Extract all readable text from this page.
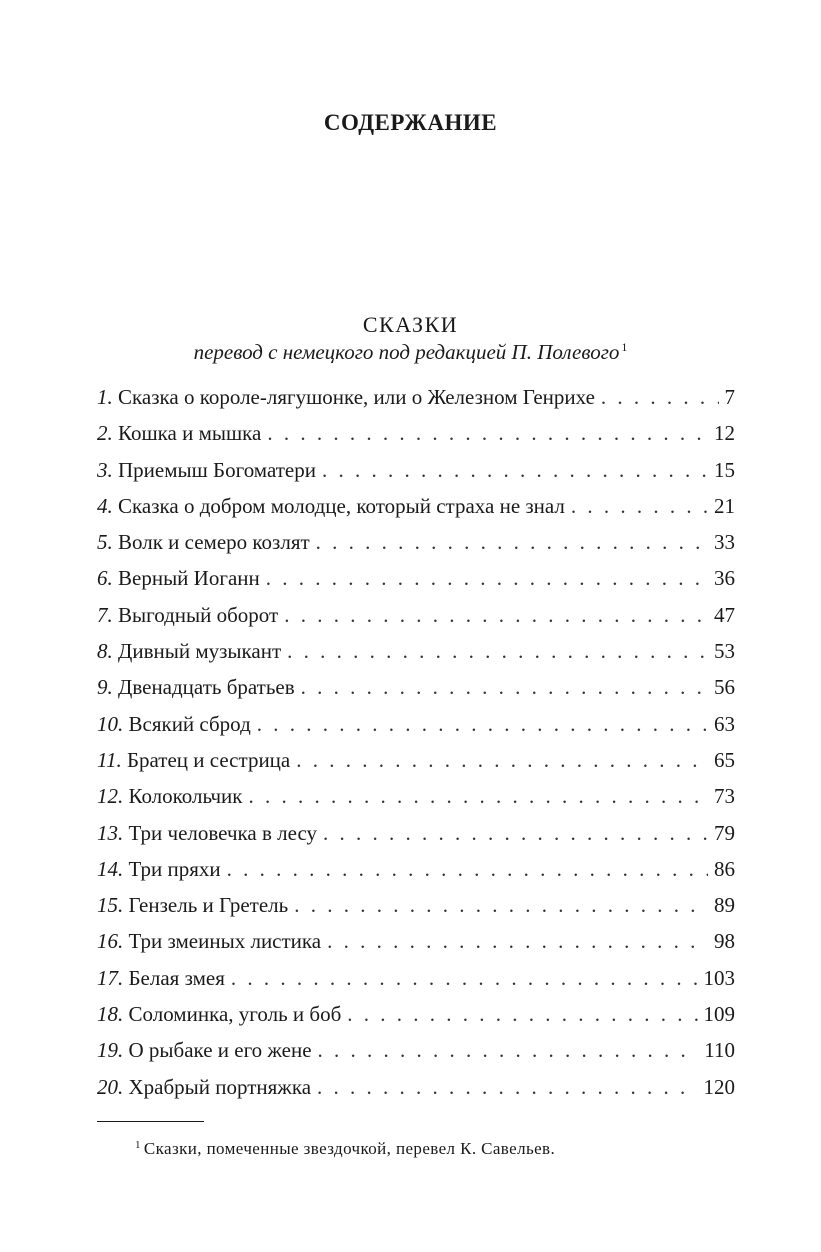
СОДЕРЖАНИЕ
СКАЗКИ
перевод с немецкого под редакцией П. Полевого $^1$
1. Сказка о короле-лягушонке, или о Железном Генрихе . . .	7
2. Кошка и мышка . . .	12
3. Приемыш Богоматери . . .	15
4. Сказка о добром молодце, который страха не знал . . .	21
5. Волк и семеро козлят . . .	33
6. Верный Иоганн . . .	36
7. Выгодный оборот . . .	47
8. Дивный музыкант . . .	53
9. Двенадцать братьев . . .	56
10. Всякий сброд . . .	63
11. Братец и сестрица . . .	65
12. Колокольчик . . .	73
13. Три человечка в лесу . . .	79
14. Три пряхи . . .	86
15. Гензель и Гретель . . .	89
16. Три змеиных листика . . .	98
17. Белая змея . . .	103
18. Соломинка, уголь и боб . . .	109
19. О рыбаке и его жене . . .	110
20. Храбрый портняжка . . .	120
$^1$ Сказки, помеченные звездочкой, перевел К. Савельев.
